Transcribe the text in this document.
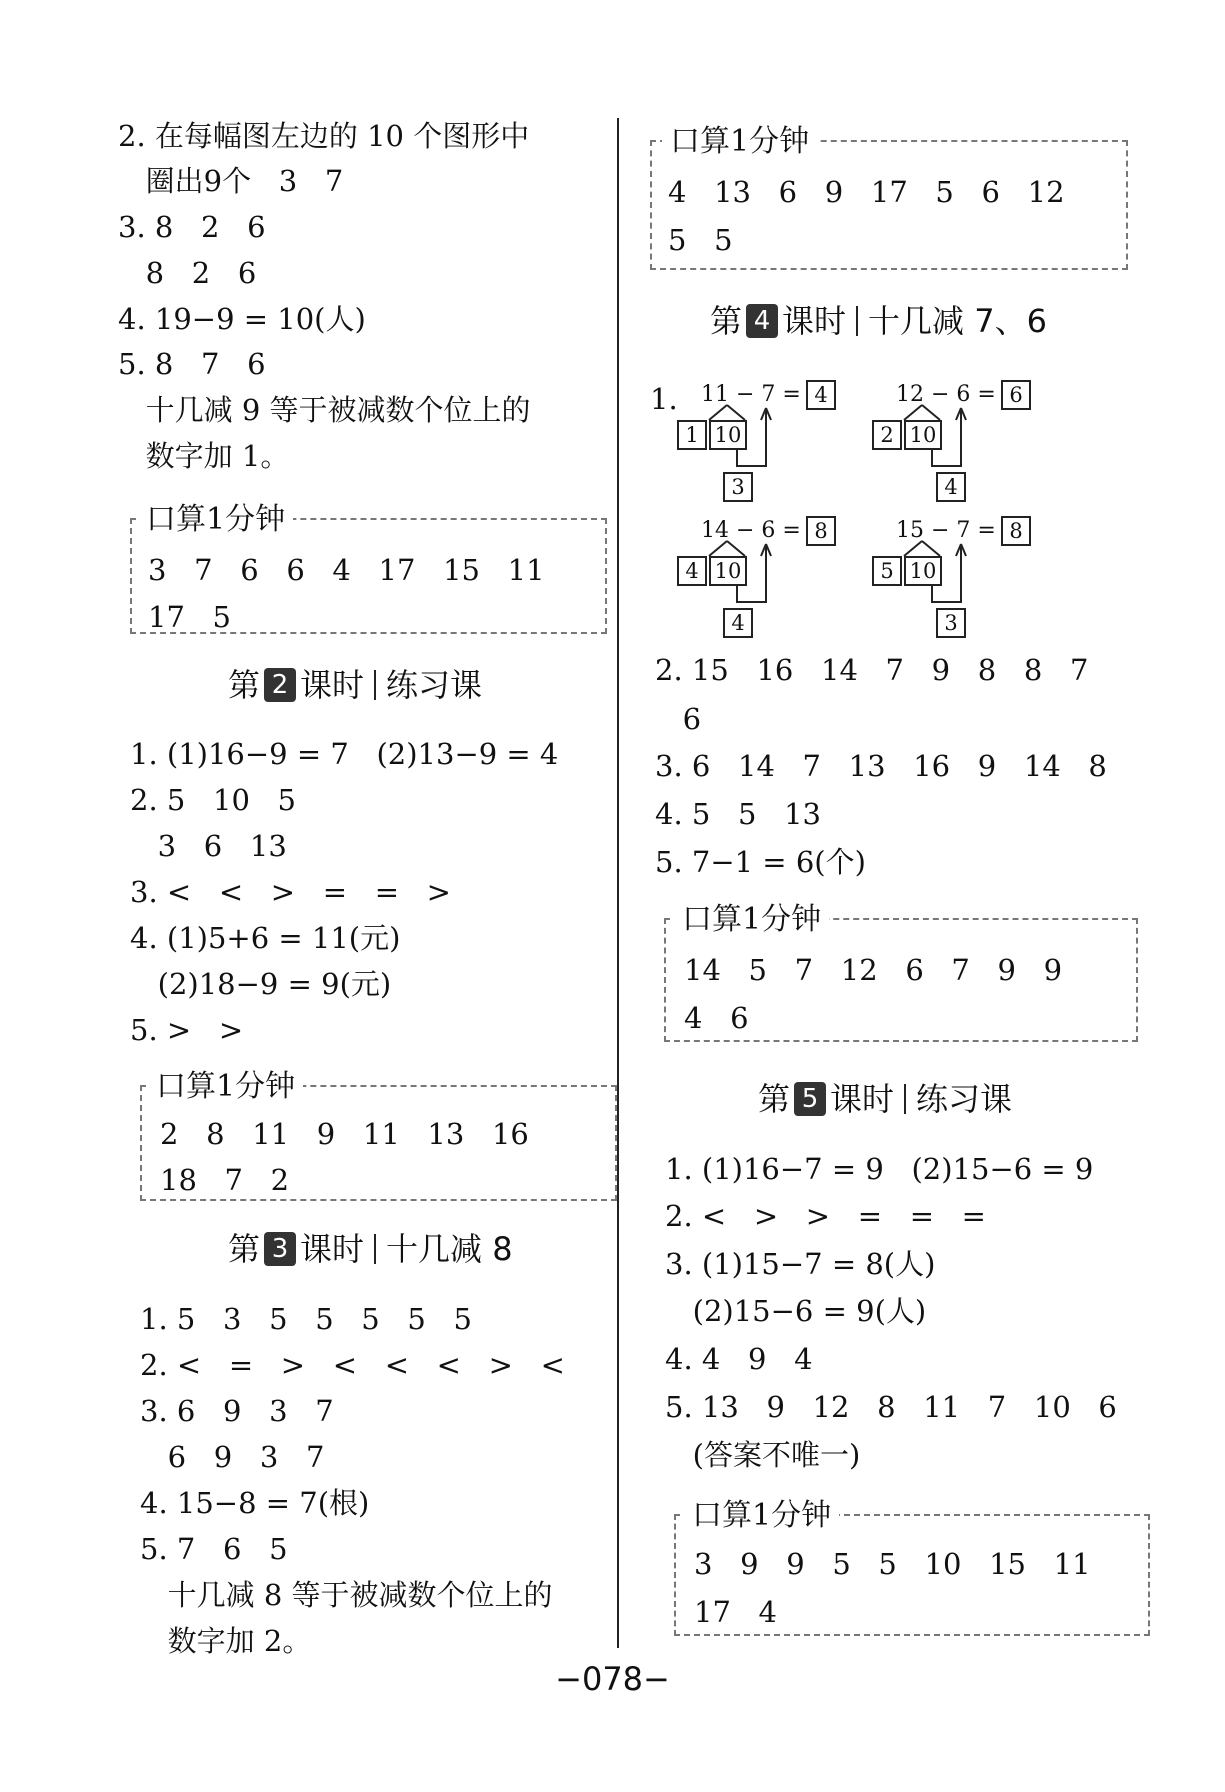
2. 在每幅图左边的 10 个图形中
圈出9个   3   7
3. 8   2   6
8   2   6
4. 19−9 = 10(人)
5. 8   7   6
十几减 9 等于被减数个位上的
数字加 1。
口算1分钟
3   7   6   6   4   17   15   11
17   5
第 2 课时 练习课
1. (1)16−9 = 7   (2)13−9 = 4
2. 5   10   5
3   6   13
3. <   <   >   =   =   >
4. (1)5+6 = 11(元)
(2)18−9 = 9(元)
5. >   >
口算1分钟
2   8   11   9   11   13   16
18   7   2
第 3 课时 十几减 8
1. 5   3   5   5   5   5   5
2. <   =   >   <   <   <   >   <
3. 6   9   3   7
6   9   3   7
4. 15−8 = 7(根)
5. 7   6   5
十几减 8 等于被减数个位上的
数字加 2。
口算1分钟
4   13   6   9   17   5   6   12
5   5
第 4 课时 十几减 7、6
1. 11 − 7 = 4
1 10
3
12 − 6 = 6
2 10
4
14 − 6 = 8
4 10
4
15 − 7 = 8
5 10
3
2. 15   16   14   7   9   8   8   7
6
3. 6   14   7   13   16   9   14   8
4. 5   5   13
5. 7−1 = 6(个)
口算1分钟
14   5   7   12   6   7   9   9
4   6
第 5 课时 练习课
1. (1)16−7 = 9   (2)15−6 = 9
2. <   >   >   =   =   =
3. (1)15−7 = 8(人)
(2)15−6 = 9(人)
4. 4   9   4
5. 13   9   12   8   11   7   10   6
(答案不唯一)
口算1分钟
3   9   9   5   5   10   15   11
17   4
−078−
